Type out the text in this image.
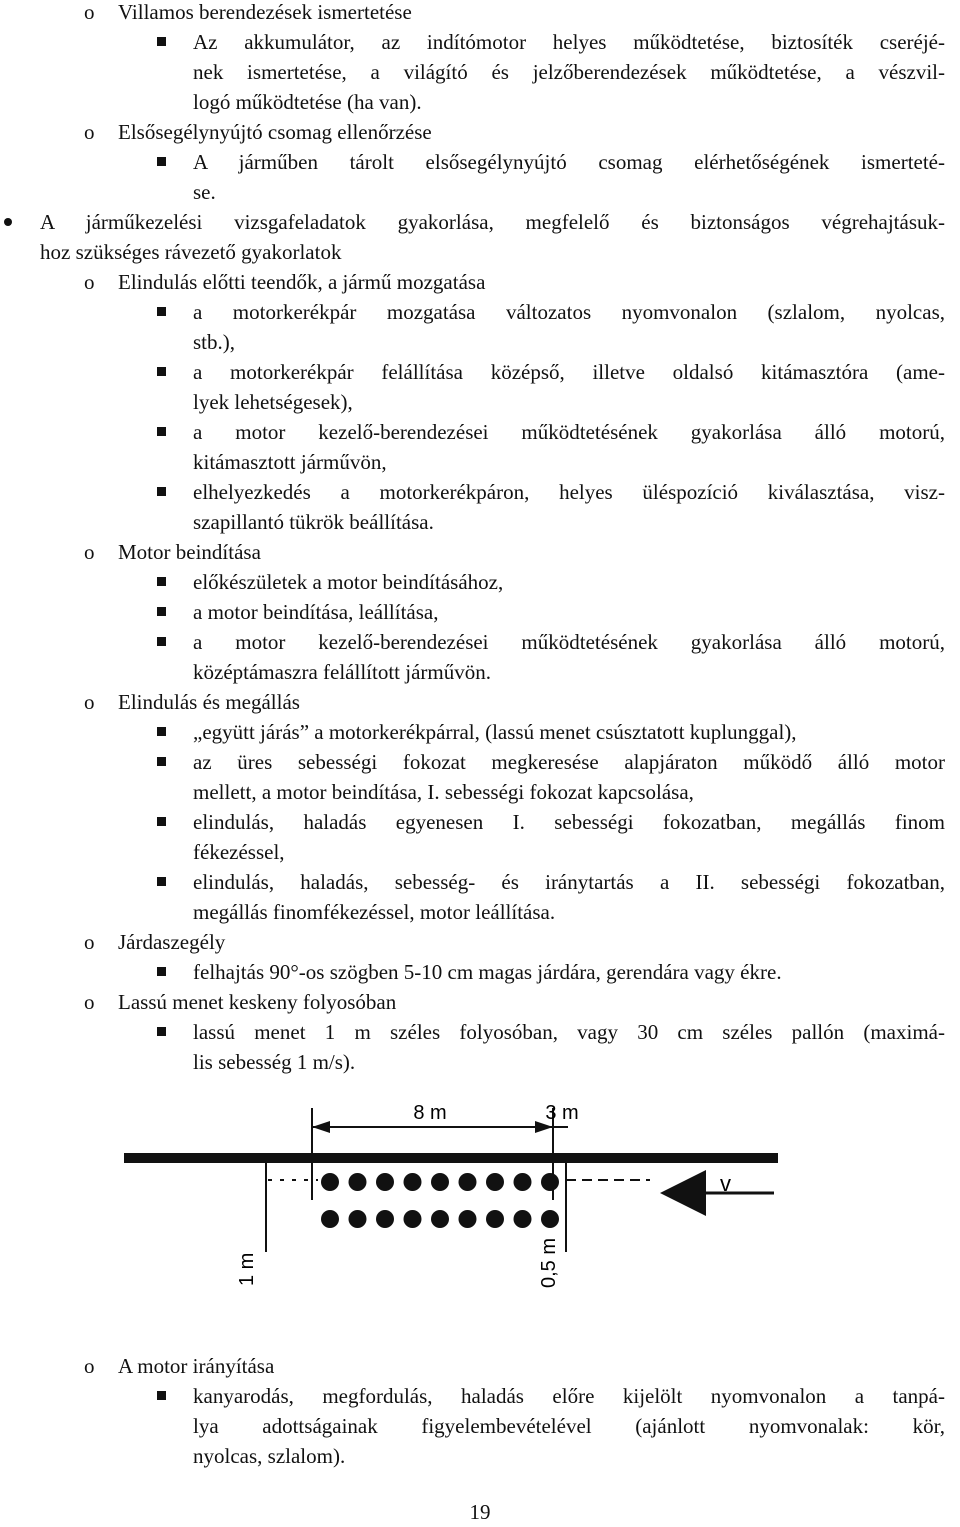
o Villamos berendezések ismertetése
Az akkumulátor, az indítómotor helyes működtetése, biztosíték cseréjé-
nek ismertetése, a világító és jelzőberendezések működtetése, a vészvil-
logó működtetése (ha van).
o Elsősegélynyújtó csomag ellenőrzése
A járműben tárolt elsősegélynyújtó csomag elérhetőségének ismerteté-
se.
A járműkezelési vizsgafeladatok gyakorlása, megfelelő és biztonságos végrehajtásuk-
hoz szükséges rávezető gyakorlatok
o Elindulás előtti teendők, a jármű mozgatása
a motorkerékpár mozgatása változatos nyomvonalon (szlalom, nyolcas,
stb.),
a motorkerékpár felállítása középső, illetve oldalsó kitámasztóra (ame-
lyek lehetségesek),
a motor kezelő-berendezései működtetésének gyakorlása álló motorú,
kitámasztott járművön,
elhelyezkedés a motorkerékpáron, helyes üléspozíció kiválasztása, visz-
szapillantó tükrök beállítása.
o Motor beindítása
előkészületek a motor beindításához,
a motor beindítása, leállítása,
a motor kezelő-berendezései működtetésének gyakorlása álló motorú,
középtámaszra felállított járművön.
o Elindulás és megállás
„együtt járás” a motorkerékpárral, (lassú menet csúsztatott kuplunggal),
az üres sebességi fokozat megkeresése alapjáraton működő álló motor
mellett, a motor beindítása, I. sebességi fokozat kapcsolása,
elindulás, haladás egyenesen I. sebességi fokozatban, megállás finom
fékezéssel,
elindulás, haladás, sebesség- és iránytartás a II. sebességi fokozatban,
megállás finomfékezéssel, motor leállítása.
o Járdaszegély
felhajtás 90°-os szögben 5-10 cm magas járdára, gerendára vagy ékre.
o Lassú menet keskeny folyosóban
lassú menet 1 m széles folyosóban, vagy 30 cm széles pallón (maximá-
lis sebesség 1 m/s).
8 m	3 m
v
1 m	0,5 m
o A motor irányítása
kanyarodás, megfordulás, haladás előre kijelölt nyomvonalon a tanpá-
lya adottságainak figyelembevételével (ajánlott nyomvonalak: kör,
nyolcas, szlalom).
19
